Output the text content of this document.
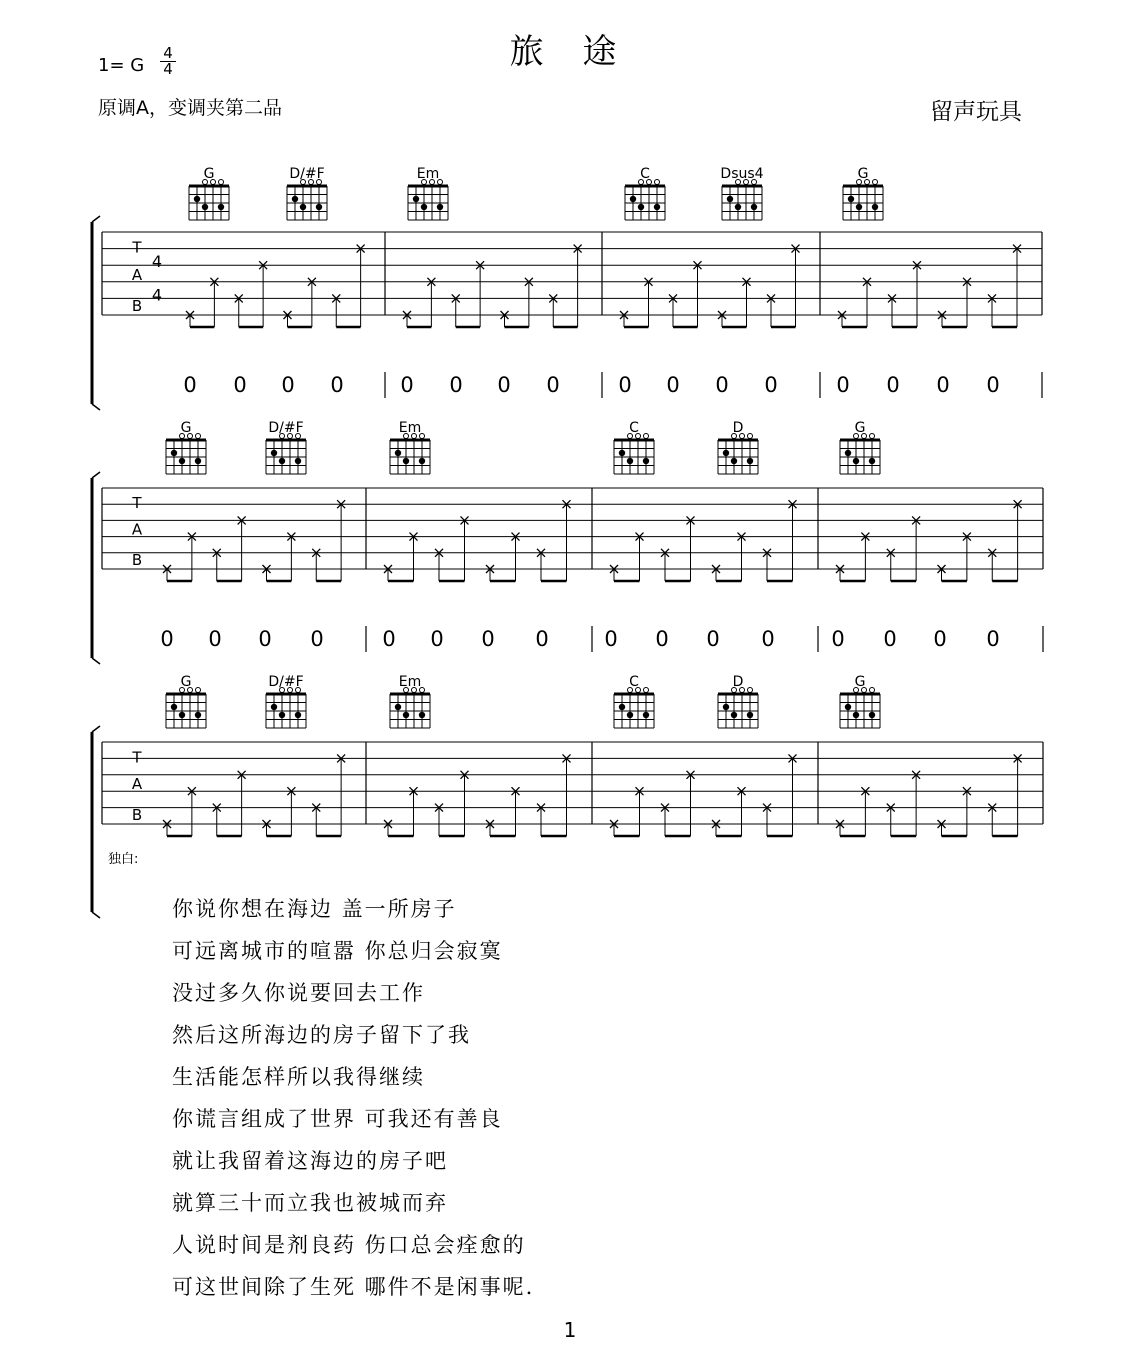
旅 途
1= G
4
4
原调A，变调夹第二品	留声玩具
G	D/#F	Em	C	Dsus4	G
T
A
B
4
4
0 0 0 0	0 0 0 0	0 0 0 0	0 0 0 0
G	D/#F	Em	C	D	G
T
A
B
0 0 0 0	0 0 0 0	0 0 0 0	0 0 0 0
G	D/#F	Em	C	D	G
T
A
B
独白:
你说你想在海边 盖一所房子
可远离城市的喧嚣 你总归会寂寞
没过多久你说要回去工作
然后这所海边的房子留下了我
生活能怎样所以我得继续
你谎言组成了世界 可我还有善良
就让我留着这海边的房子吧
就算三十而立我也被城而弃
人说时间是剂良药 伤口总会痊愈的
可这世间除了生死 哪件不是闲事呢.
1
